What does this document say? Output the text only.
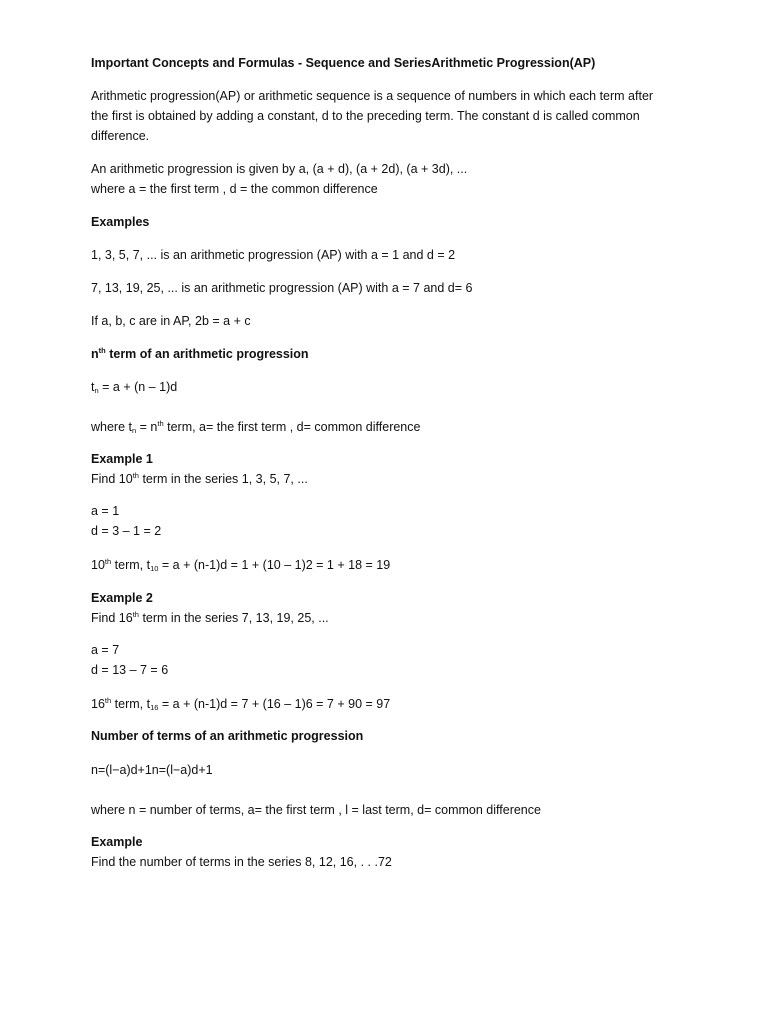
Important Concepts and Formulas - Sequence and SeriesArithmetic Progression(AP)
Arithmetic progression(AP) or arithmetic sequence is a sequence of numbers in which each term after
the first is obtained by adding a constant, d to the preceding term. The constant d is called common
difference.
An arithmetic progression is given by a, (a + d), (a + 2d), (a + 3d), ...
where a = the first term , d = the common difference
Examples
1, 3, 5, 7, ... is an arithmetic progression (AP) with a = 1 and d = 2
7, 13, 19, 25, ... is an arithmetic progression (AP) with a = 7 and d= 6
If a, b, c are in AP, 2b = a + c
$n^{th}$ term of an arithmetic progression
$t_n = a + (n - 1)d$
where $t_n = n^{th}$ term, a= the first term , d= common difference
Example 1
Find 10th term in the series 1, 3, 5, 7, ...
a = 1
d = 3 – 1 = 2
10th term, $t_{10} = a + (n-1)d = 1 + (10 - 1)2 = 1 + 18 = 19$
Example 2
Find 16th term in the series 7, 13, 19, 25, ...
a = 7
d = 13 – 7 = 6
16th term, $t_{16} = a + (n-1)d = 7 + (16 - 1)6 = 7 + 90 = 97$
Number of terms of an arithmetic progression
n=(l−a)d+1n=(l−a)d+1
where n = number of terms, a= the first term , l = last term, d= common difference
Example
Find the number of terms in the series 8, 12, 16, . . .72
